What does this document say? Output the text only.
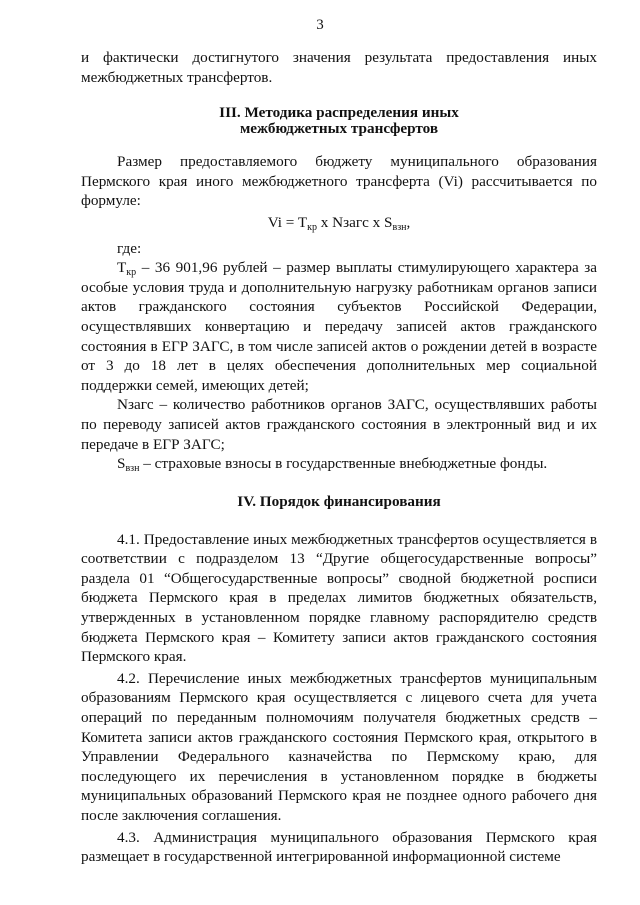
3

и фактически достигнутого значения результата предоставления иных межбюджетных трансфертов.

III. Методика распределения иных
межбюджетных трансфертов

Размер предоставляемого бюджету муниципального образования Пермского края иного межбюджетного трансферта (Vi) рассчитывается по формуле:

$Vi = T_{кр}$ x Nзагс x $S_{взн}$,

где:

$T_{кр} - 36$ 901,96 рублей – размер выплаты стимулирующего характера за особые условия труда и дополнительную нагрузку работникам органов записи актов гражданского состояния субъектов Российской Федерации, осуществлявших конвертацию и передачу записей актов гражданского состояния в ЕГР ЗАГС, в том числе записей актов о рождении детей в возрасте от 3 до 18 лет в целях обеспечения дополнительных мер социальной поддержки семей, имеющих детей;

Nзагс – количество работников органов ЗАГС, осуществлявших работы по переводу записей актов гражданского состояния в электронный вид и их передаче в ЕГР ЗАГС;

$S_{взн}$ – страховые взносы в государственные внебюджетные фонды.

IV. Порядок финансирования

4.1. Предоставление иных межбюджетных трансфертов осуществляется в соответствии с подразделом 13 “Другие общегосударственные вопросы” раздела 01 “Общегосударственные вопросы” сводной бюджетной росписи бюджета Пермского края в пределах лимитов бюджетных обязательств, утвержденных в установленном порядке главному распорядителю средств бюджета Пермского края – Комитету записи актов гражданского состояния Пермского края.

4.2. Перечисление иных межбюджетных трансфертов муниципальным образованиям Пермского края осуществляется с лицевого счета для учета операций по переданным полномочиям получателя бюджетных средств – Комитета записи актов гражданского состояния Пермского края, открытого в Управлении Федерального казначейства по Пермскому краю, для последующего их перечисления в установленном порядке в бюджеты муниципальных образований Пермского края не позднее одного рабочего дня после заключения соглашения.

4.3. Администрация муниципального образования Пермского края размещает в государственной интегрированной информационной системе
